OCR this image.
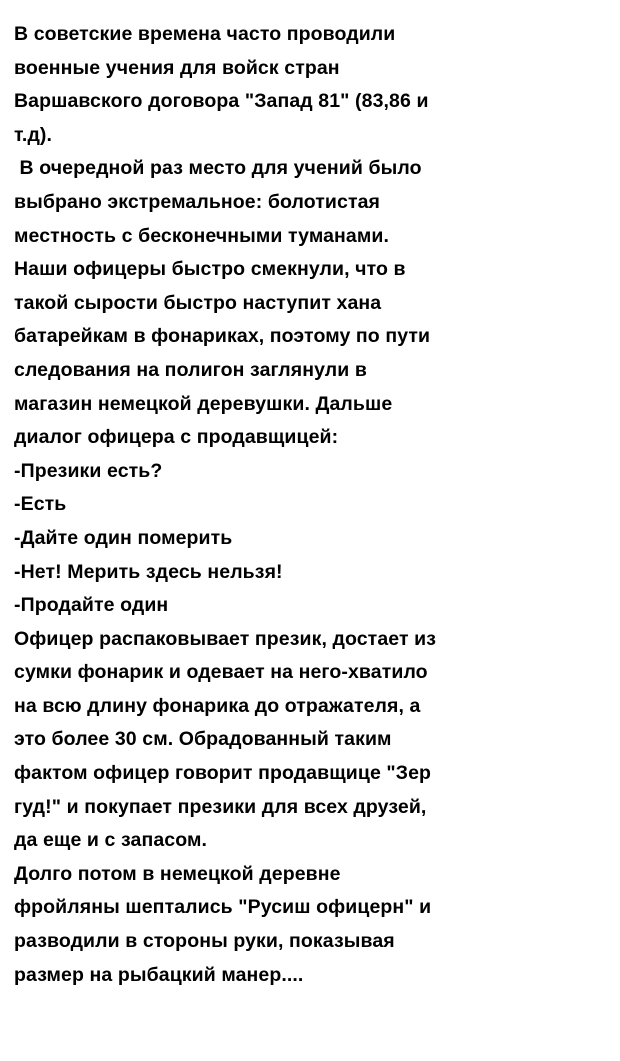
В советские времена часто проводили
военные учения для войск стран
Варшавского договора "Запад 81" (83,86 и
т.д).
В очередной раз место для учений было
выбрано экстремальное: болотистая
местность с бесконечными туманами.
Наши офицеры быстро смекнули, что в
такой сырости быстро наступит хана
батарейкам в фонариках, поэтому по пути
следования на полигон заглянули в
магазин немецкой деревушки. Дальше
диалог офицера с продавщицей:
-Презики есть?
-Есть
-Дайте один померить
-Нет! Мерить здесь нельзя!
-Продайте один
Офицер распаковывает презик, достает из
сумки фонарик и одевает на него-хватило
на всю длину фонарика до отражателя, а
это более 30 см. Обрадованный таким
фактом офицер говорит продавщице "Зер
гуд!" и покупает презики для всех друзей,
да еще и с запасом.
Долго потом в немецкой деревне
фройляны шептались "Русиш офицерн" и
разводили в стороны руки, показывая
размер на рыбацкий манер....
